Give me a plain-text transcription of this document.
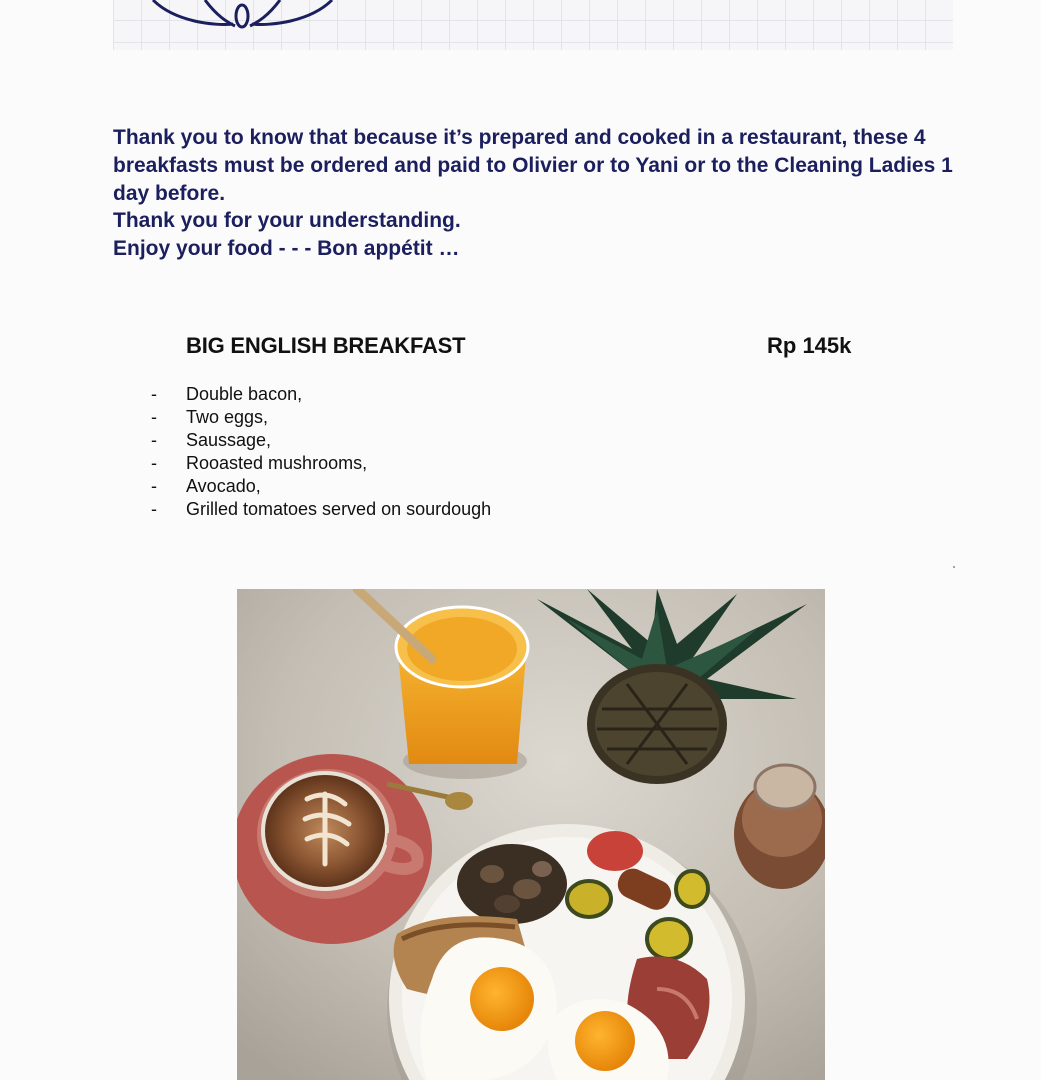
Thank you to know that because it’s prepared and cooked in a restaurant, these 4 breakfasts must be ordered and paid to Olivier or to Yani or to the Cleaning Ladies 1 day before.

Thank you for your understanding.

Enjoy your food - - - Bon appétit …

BIG ENGLISH BREAKFAST	Rp 145k
- Double bacon,
- Two eggs,
- Saussage,
- Rooasted mushrooms,
- Avocado,
- Grilled tomatoes served on sourdough
